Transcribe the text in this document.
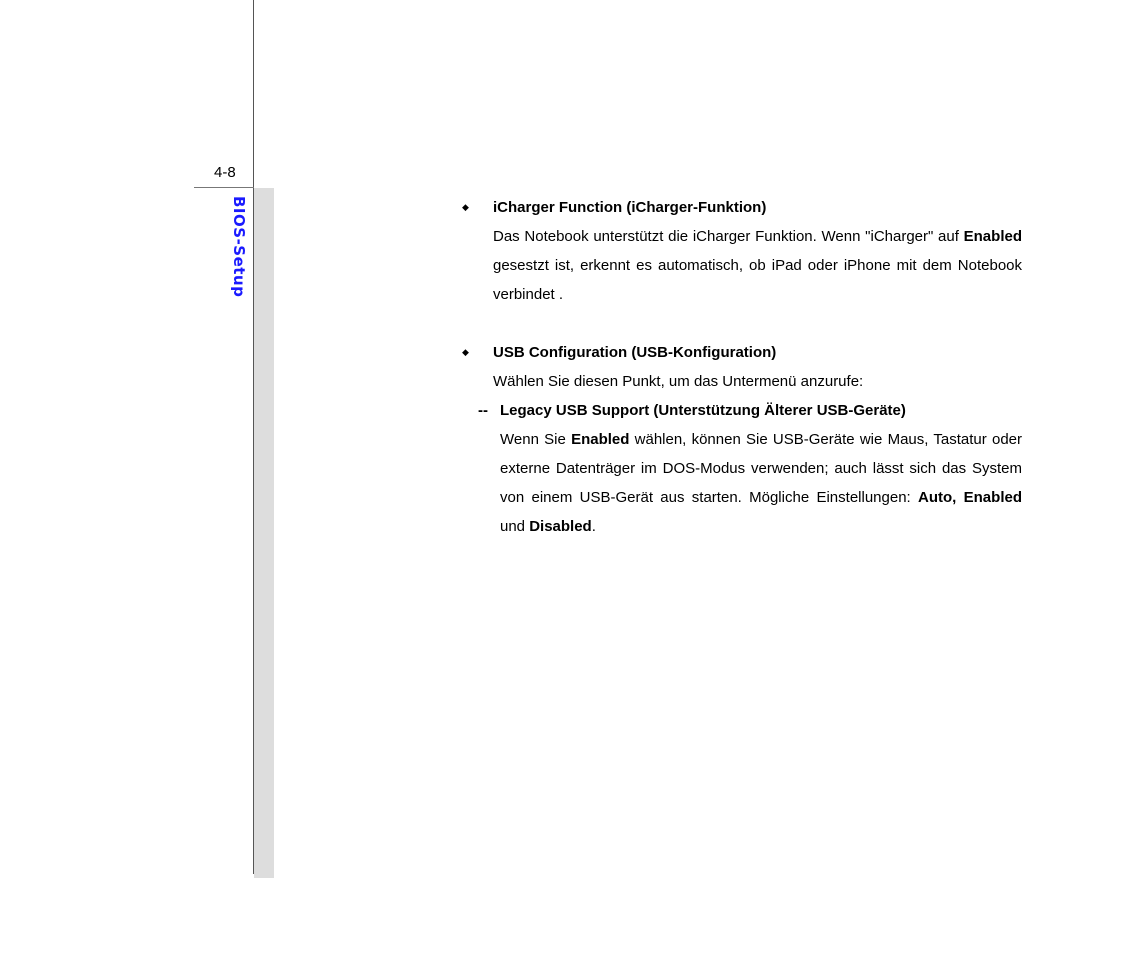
4-8
BIOS-Setup	◆ iCharger Function (iCharger-Funktion)
Das Notebook unterstützt die iCharger Funktion. Wenn "iCharger" auf Enabled gesestzt ist, erkennt es automatisch, ob iPad oder iPhone mit dem Notebook verbindet .
◆ USB Configuration (USB-Konfiguration)
Wählen Sie diesen Punkt, um das Untermenü anzurufe:
-- Legacy USB Support (Unterstützung Älterer USB-Geräte)
Wenn Sie Enabled wählen, können Sie USB-Geräte wie Maus, Tastatur oder externe Datenträger im DOS-Modus verwenden; auch lässt sich das System von einem USB-Gerät aus starten. Mögliche Einstellungen: Auto, Enabled und Disabled.
